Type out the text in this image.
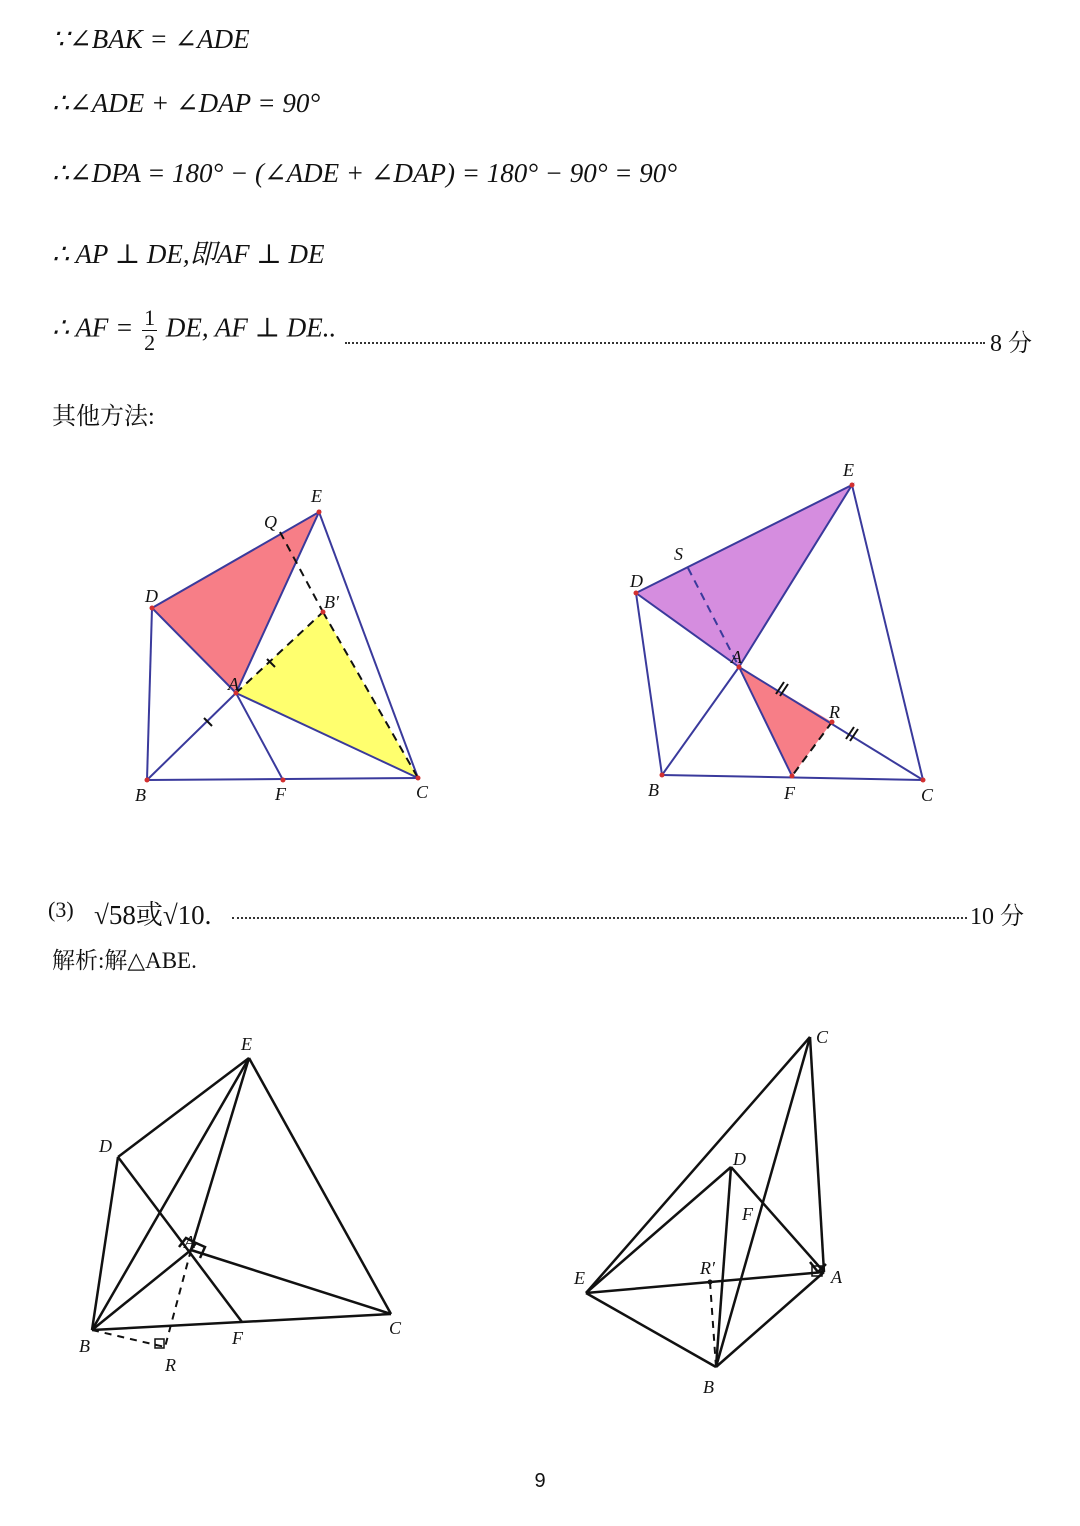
∵∠BAK = ∠ADE
∴∠ADE + ∠DAP = 90°
∴∠DPA = 180° − (∠ADE + ∠DAP) = 180° − 90° = 90°
∴ AP ⊥ DE,即AF ⊥ DE
∴ AF = $\frac{1}{2}$ DE, AF ⊥ DE..
8 分
其他方法:
E
Q
D	B′
A
B	F	C
E
S
D
A
R
B	F	C
(3) √58或√10.	10 分
解析:解△ABE.
E
D
A
F	C
B
R
C
D
F
R′	A
E
B
9
